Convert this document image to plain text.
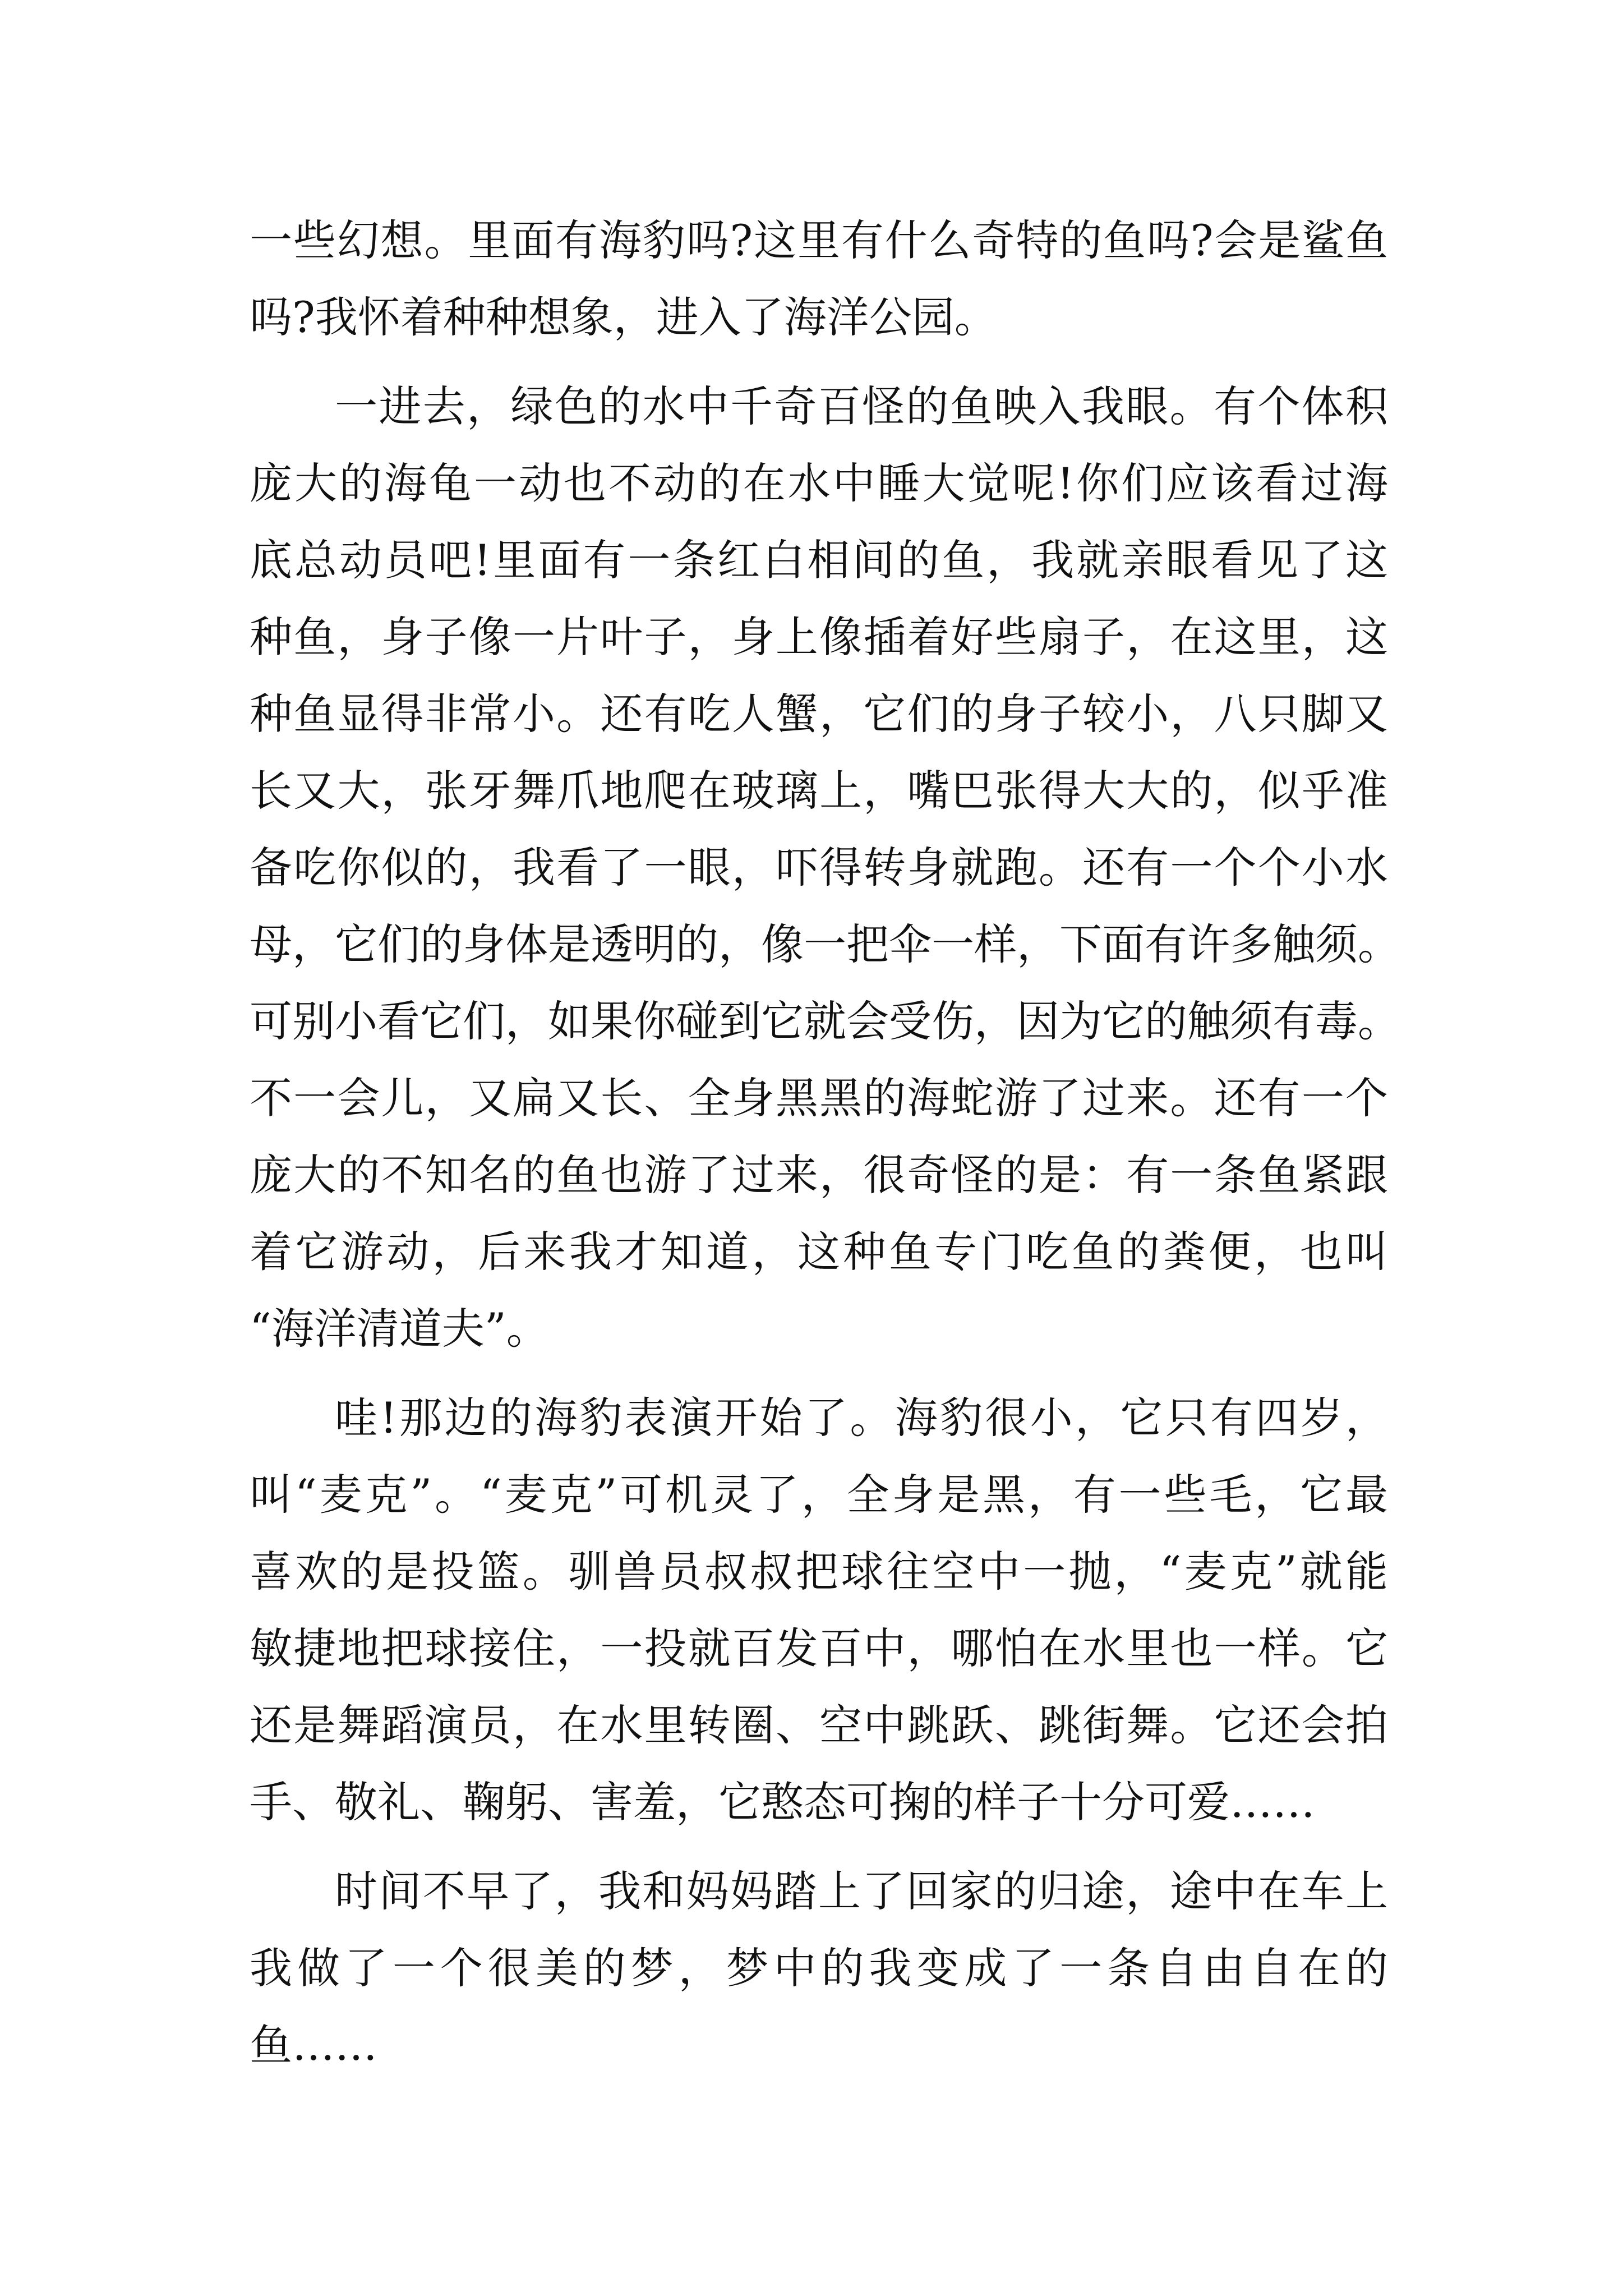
一些幻想。里面有海豹吗?这里有什么奇特的鱼吗?会是鲨鱼
吗?我怀着种种想象，进入了海洋公园。
一进去，绿色的水中千奇百怪的鱼映入我眼。有个体积
庞大的海龟一动也不动的在水中睡大觉呢!你们应该看过海
底总动员吧!里面有一条红白相间的鱼，我就亲眼看见了这
种鱼，身子像一片叶子，身上像插着好些扇子，在这里，这
种鱼显得非常小。还有吃人蟹，它们的身子较小，八只脚又
长又大，张牙舞爪地爬在玻璃上，嘴巴张得大大的，似乎准
备吃你似的，我看了一眼，吓得转身就跑。还有一个个小水
母，它们的身体是透明的，像一把伞一样，下面有许多触须。
可别小看它们，如果你碰到它就会受伤，因为它的触须有毒。
不一会儿，又扁又长、全身黑黑的海蛇游了过来。还有一个
庞大的不知名的鱼也游了过来，很奇怪的是：有一条鱼紧跟
着它游动，后来我才知道，这种鱼专门吃鱼的粪便，也叫
“海洋清道夫”。
哇!那边的海豹表演开始了。海豹很小，它只有四岁，
叫“麦克”。“麦克”可机灵了，全身是黑，有一些毛，它最
喜欢的是投篮。驯兽员叔叔把球往空中一抛，“麦克”就能
敏捷地把球接住，一投就百发百中，哪怕在水里也一样。它
还是舞蹈演员，在水里转圈、空中跳跃、跳街舞。它还会拍
手、敬礼、鞠躬、害羞，它憨态可掬的样子十分可爱……
时间不早了，我和妈妈踏上了回家的归途，途中在车上
我做了一个很美的梦，梦中的我变成了一条自由自在的
鱼……
